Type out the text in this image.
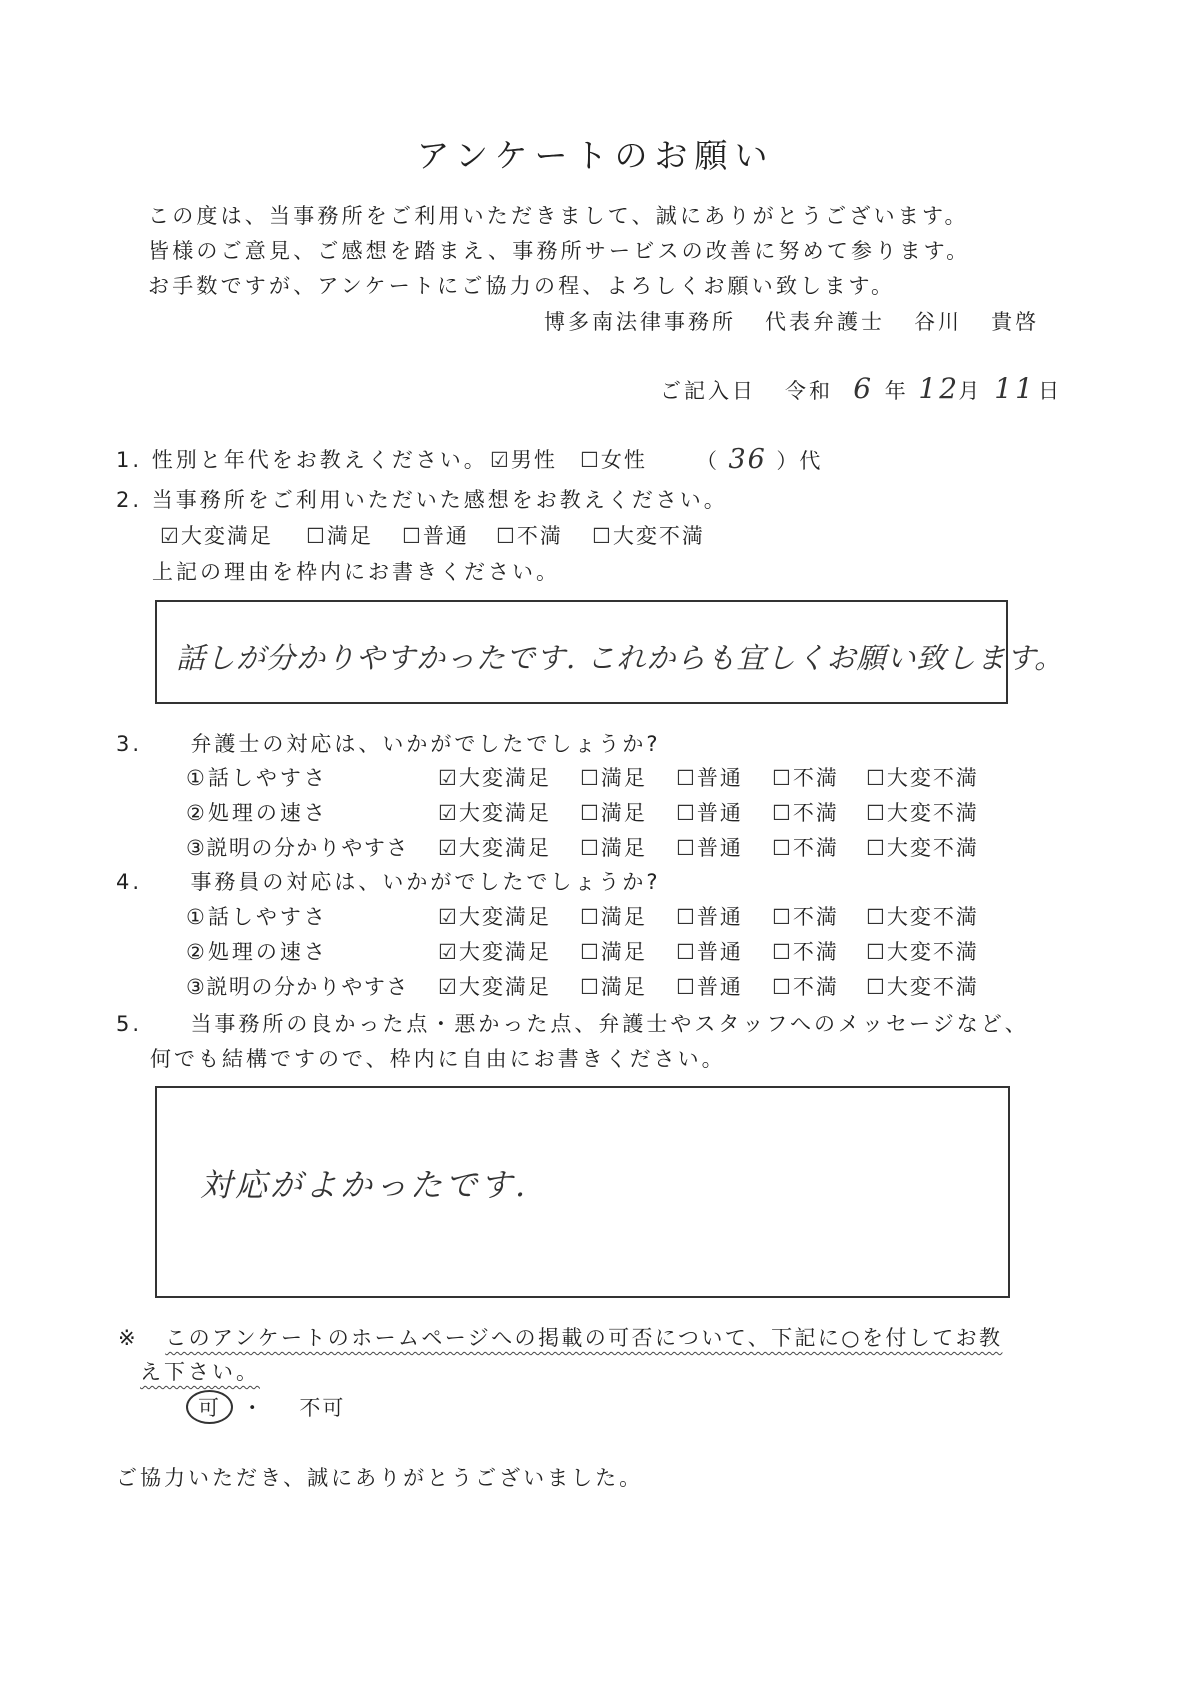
アンケートのお願い
この度は、当事務所をご利用いただきまして、誠にありがとうございます。
皆様のご意見、ご感想を踏まえ、事務所サービスの改善に努めて参ります。
お手数ですが、アンケートにご協力の程、よろしくお願い致します。
博多南法律事務所 代表弁護士 谷川 貴啓
ご記入日 令和 6 年 12月 11 日
1. 性別と年代をお教えください。 ☑男性 ☐女性 （ 36 ）代
2. 当事務所をご利用いただいた感想をお教えください。
☑大変満足 ☐満足 ☐普通 ☐不満 ☐大変不満
上記の理由を枠内にお書きください。
話しが分かりやすかったです. これからも宜しくお願い致します。
3. 弁護士の対応は、いかがでしたでしょうか?
①話しやすさ	☑大変満足 ☐満足 ☐普通 ☐不満 ☐大変不満
②処理の速さ	☑大変満足 ☐満足 ☐普通 ☐不満 ☐大変不満
③説明の分かりやすさ ☑大変満足 ☐満足 ☐普通 ☐不満 ☐大変不満
4. 事務員の対応は、いかがでしたでしょうか?
①話しやすさ	☑大変満足 ☐満足 ☐普通 ☐不満 ☐大変不満
②処理の速さ	☑大変満足 ☐満足 ☐普通 ☐不満 ☐大変不満
③説明の分かりやすさ ☑大変満足 ☐満足 ☐普通 ☐不満 ☐大変不満
5. 当事務所の良かった点・悪かった点、弁護士やスタッフへのメッセージなど、
何でも結構ですので、枠内に自由にお書きください。
対応がよかったです.
※ このアンケートのホームページへの掲載の可否について、下記に○を付してお教
え下さい。
可 ・ 不可
ご協力いただき、誠にありがとうございました。
